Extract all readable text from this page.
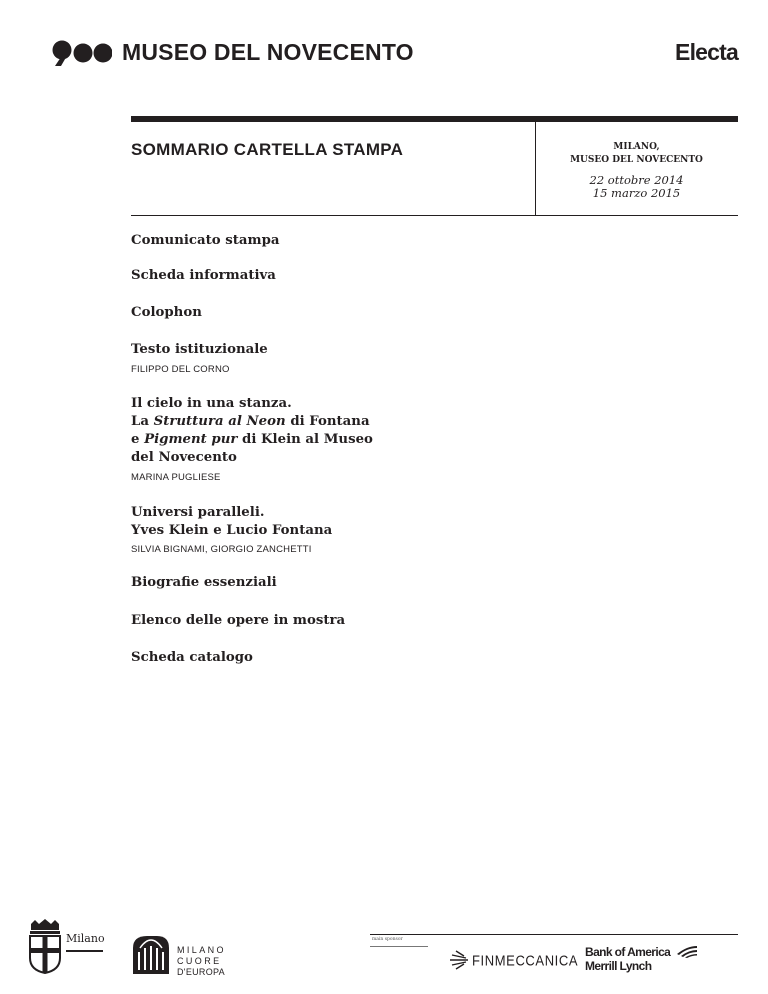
MUSEO DEL NOVECENTO	Electa
SOMMARIO CARTELLA STAMPA	MILANO,
MUSEO DEL NOVECENTO
22 ottobre 2014
15 marzo 2015
Comunicato stampa
Scheda informativa
Colophon
Testo istituzionale
FILIPPO DEL CORNO
Il cielo in una stanza.
La Struttura al Neon di Fontana
e Pigment pur di Klein al Museo
del Novecento
MARINA PUGLIESE
Universi paralleli.
Yves Klein e Lucio Fontana
SILVIA BIGNAMI, GIORGIO ZANCHETTI
Biografie essenziali
Elenco delle opere in mostra
Scheda catalogo
Milano
MILANO
CUORE
D'EUROPA
main sponsor
FINMECCANICA
Bank of America
Merrill Lynch
